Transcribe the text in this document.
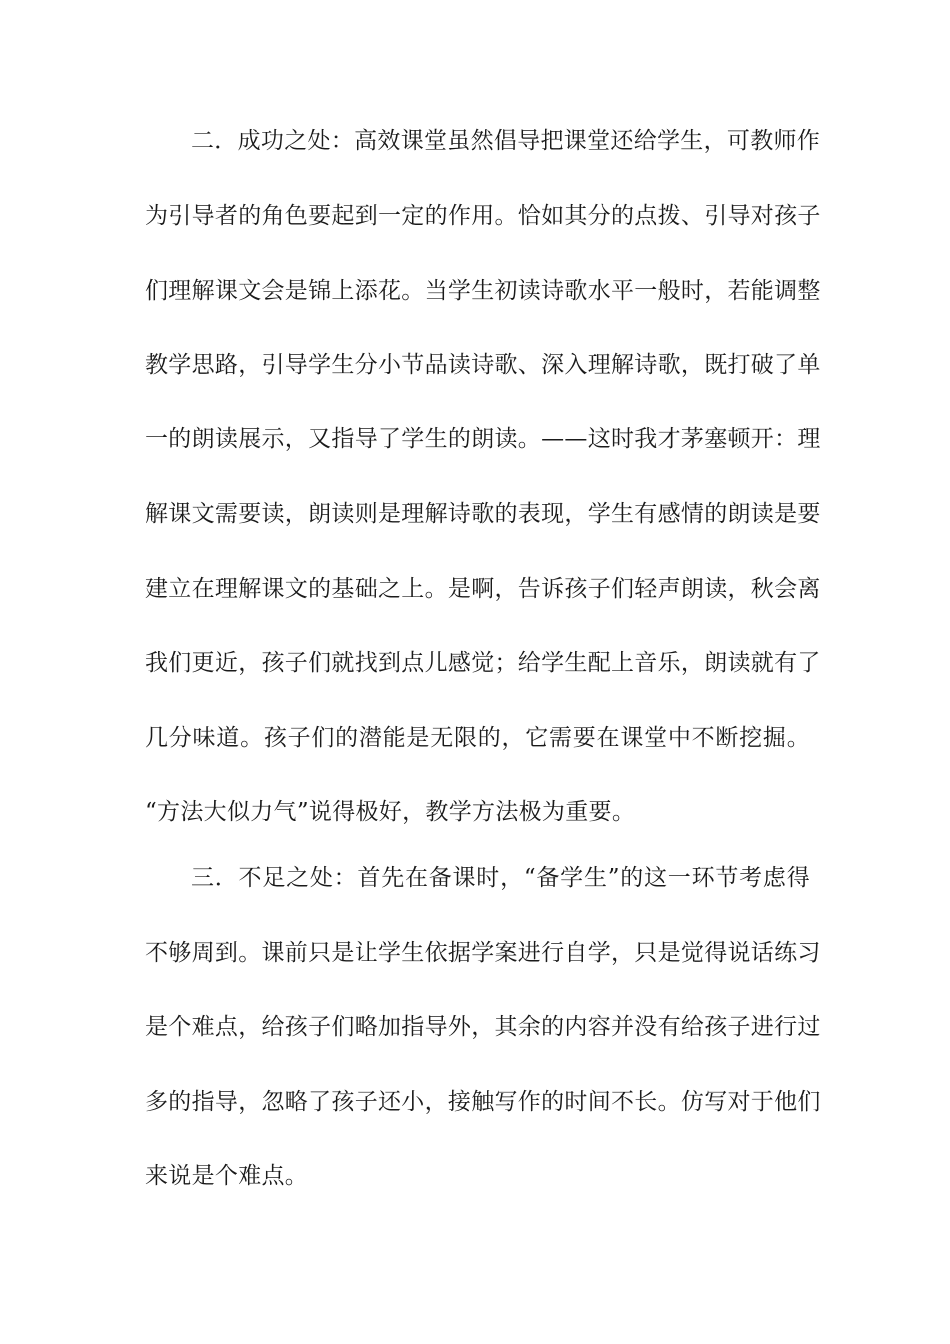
二．成功之处：高效课堂虽然倡导把课堂还给学生，可教师作
为引导者的角色要起到一定的作用。恰如其分的点拨、引导对孩子
们理解课文会是锦上添花。当学生初读诗歌水平一般时，若能调整
教学思路，引导学生分小节品读诗歌、深入理解诗歌，既打破了单
一的朗读展示，又指导了学生的朗读。——这时我才茅塞顿开：理
解课文需要读，朗读则是理解诗歌的表现，学生有感情的朗读是要
建立在理解课文的基础之上。是啊，告诉孩子们轻声朗读，秋会离
我们更近，孩子们就找到点儿感觉；给学生配上音乐，朗读就有了
几分味道。孩子们的潜能是无限的，它需要在课堂中不断挖掘。
“方法大似力气”说得极好，教学方法极为重要。
三．不足之处：首先在备课时，“备学生”的这一环节考虑得
不够周到。课前只是让学生依据学案进行自学，只是觉得说话练习
是个难点，给孩子们略加指导外，其余的内容并没有给孩子进行过
多的指导，忽略了孩子还小，接触写作的时间不长。仿写对于他们
来说是个难点。
